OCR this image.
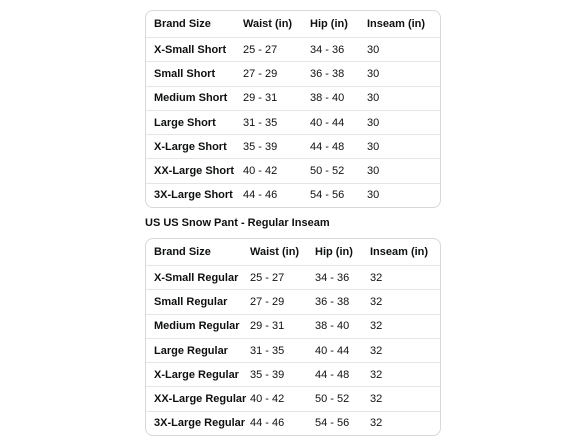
Brand Size	Waist (in)	Hip (in)	Inseam (in)
X-Small Short	25 - 27	34 - 36	30
Small Short	27 - 29	36 - 38	30
Medium Short	29 - 31	38 - 40	30
Large Short	31 - 35	40 - 44	30
X-Large Short	35 - 39	44 - 48	30
XX-Large Short 40 - 42	50 - 52	30
3X-Large Short 44 - 46	54 - 56	30
US US Snow Pant - Regular Inseam
Brand Size	Waist (in)	Hip (in)	Inseam (in)
X-Small Regular	25 - 27	34 - 36	32
Small Regular	27 - 29	36 - 38	32
Medium Regular 29 - 31	38 - 40	32
Large Regular	31 - 35	40 - 44	32
X-Large Regular	35 - 39	44 - 48	32
XX-Large Regular 40 - 42	50 - 52	32
3X-Large Regular 44 - 46	54 - 56	32
